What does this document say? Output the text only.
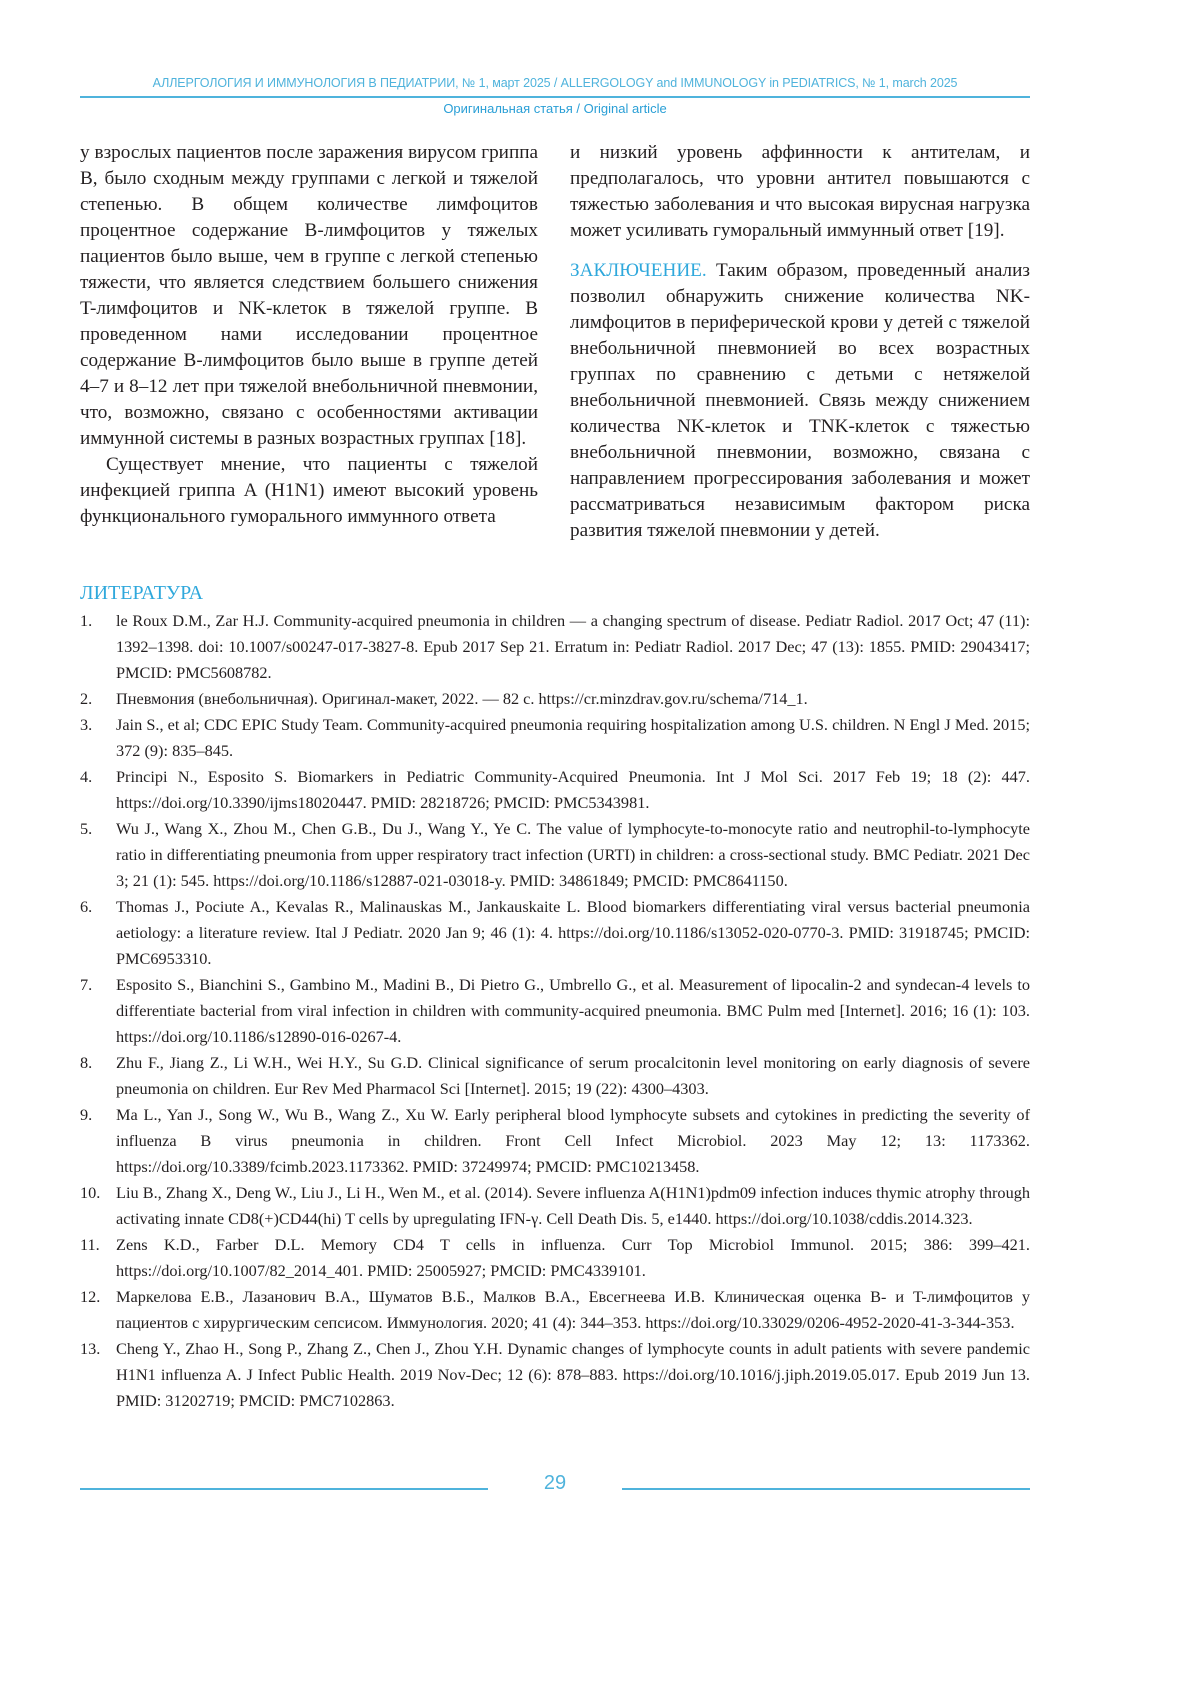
АЛЛЕРГОЛОГИЯ И ИММУНОЛОГИЯ В ПЕДИАТРИИ, № 1, март 2025 / ALLERGOLOGY and IMMUNOLOGY in PEDIATRICS, № 1, march 2025
Оригинальная статья / Original article

у взрослых пациентов после заражения вирусом гриппа B, было сходным между группами с легкой и тяжелой степенью. В общем количестве лимфоцитов процентное содержание B-лимфоцитов у тяжелых пациентов было выше, чем в группе с легкой степенью тяжести, что является следствием большего снижения T-лимфоцитов и NK-клеток в тяжелой группе. В проведенном нами исследовании процентное содержание B-лимфоцитов было выше в группе детей 4–7 и 8–12 лет при тяжелой внебольничной пневмонии, что, возможно, связано с особенностями активации иммунной системы в разных возрастных группах [18].

Существует мнение, что пациенты с тяжелой инфекцией гриппа A (H1N1) имеют высокий уровень функционального гуморального иммунного ответа

и низкий уровень аффинности к антителам, и предполагалось, что уровни антител повышаются с тяжестью заболевания и что высокая вирусная нагрузка может усиливать гуморальный иммунный ответ [19].

ЗАКЛЮЧЕНИЕ. Таким образом, проведенный анализ позволил обнаружить снижение количества NK-лимфоцитов в периферической крови у детей с тяжелой внебольничной пневмонией во всех возрастных группах по сравнению с детьми с нетяжелой внебольничной пневмонией. Связь между снижением количества NK-клеток и TNK-клеток с тяжестью внебольничной пневмонии, возможно, связана с направлением прогрессирования заболевания и может рассматриваться независимым фактором риска развития тяжелой пневмонии у детей.

ЛИТЕРАТУРА
1.	le Roux D.M., Zar H.J. Community-acquired pneumonia in children — a changing spectrum of disease. Pediatr Radiol. 2017 Oct; 47 (11): 1392–1398. doi: 10.1007/s00247-017-3827-8. Epub 2017 Sep 21. Erratum in: Pediatr Radiol. 2017 Dec; 47 (13): 1855. PMID: 29043417; PMCID: PMC5608782.
2.	Пневмония (внебольничная). Оригинал-макет, 2022. — 82 с. https://cr.minzdrav.gov.ru/schema/714_1.
3.	Jain S., et al; CDC EPIC Study Team. Community-acquired pneumonia requiring hospitalization among U.S. children. N Engl J Med. 2015; 372 (9): 835–845.
4.	Principi N., Esposito S. Biomarkers in Pediatric Community-Acquired Pneumonia. Int J Mol Sci. 2017 Feb 19; 18 (2): 447. https://doi.org/10.3390/ijms18020447. PMID: 28218726; PMCID: PMC5343981.
5.	Wu J., Wang X., Zhou M., Chen G.B., Du J., Wang Y., Ye C. The value of lymphocyte-to-monocyte ratio and neutrophil-to-lymphocyte ratio in differentiating pneumonia from upper respiratory tract infection (URTI) in children: a cross-sectional study. BMC Pediatr. 2021 Dec 3; 21 (1): 545. https://doi.org/10.1186/s12887-021-03018-y. PMID: 34861849; PMCID: PMC8641150.
6.	Thomas J., Pociute A., Kevalas R., Malinauskas M., Jankauskaite L. Blood biomarkers differentiating viral versus bacterial pneumonia aetiology: a literature review. Ital J Pediatr. 2020 Jan 9; 46 (1): 4. https://doi.org/10.1186/s13052-020-0770-3. PMID: 31918745; PMCID: PMC6953310.
7.	Esposito S., Bianchini S., Gambino M., Madini B., Di Pietro G., Umbrello G., et al. Measurement of lipocalin-2 and syndecan-4 levels to differentiate bacterial from viral infection in children with community-acquired pneumonia. BMC Pulm med [Internet]. 2016; 16 (1): 103. https://doi.org/10.1186/s12890-016-0267-4.
8.	Zhu F., Jiang Z., Li W.H., Wei H.Y., Su G.D. Clinical significance of serum procalcitonin level monitoring on early diagnosis of severe pneumonia on children. Eur Rev Med Pharmacol Sci [Internet]. 2015; 19 (22): 4300–4303.
9.	Ma L., Yan J., Song W., Wu B., Wang Z., Xu W. Early peripheral blood lymphocyte subsets and cytokines in predicting the severity of influenza B virus pneumonia in children. Front Cell Infect Microbiol. 2023 May 12; 13: 1173362. https://doi.org/10.3389/fcimb.2023.1173362. PMID: 37249974; PMCID: PMC10213458.
10. Liu B., Zhang X., Deng W., Liu J., Li H., Wen M., et al. (2014). Severe influenza A(H1N1)pdm09 infection induces thymic atrophy through activating innate CD8(+)CD44(hi) T cells by upregulating IFN-γ. Cell Death Dis. 5, e1440. https://doi.org/10.1038/cddis.2014.323.
11. Zens K.D., Farber D.L. Memory CD4 T cells in influenza. Curr Top Microbiol Immunol. 2015; 386: 399–421. https://doi.org/10.1007/82_2014_401. PMID: 25005927; PMCID: PMC4339101.
12. Маркелова Е.В., Лазанович В.А., Шуматов В.Б., Малков В.А., Евсегнеева И.В. Клиническая оценка B- и T-лимфоцитов у пациентов с хирургическим сепсисом. Иммунология. 2020; 41 (4): 344–353. https://doi.org/10.33029/0206-4952-2020-41-3-344-353.
13. Cheng Y., Zhao H., Song P., Zhang Z., Chen J., Zhou Y.H. Dynamic changes of lymphocyte counts in adult patients with severe pandemic H1N1 influenza A. J Infect Public Health. 2019 Nov-Dec; 12 (6): 878–883. https://doi.org/10.1016/j.jiph.2019.05.017. Epub 2019 Jun 13. PMID: 31202719; PMCID: PMC7102863.
29
